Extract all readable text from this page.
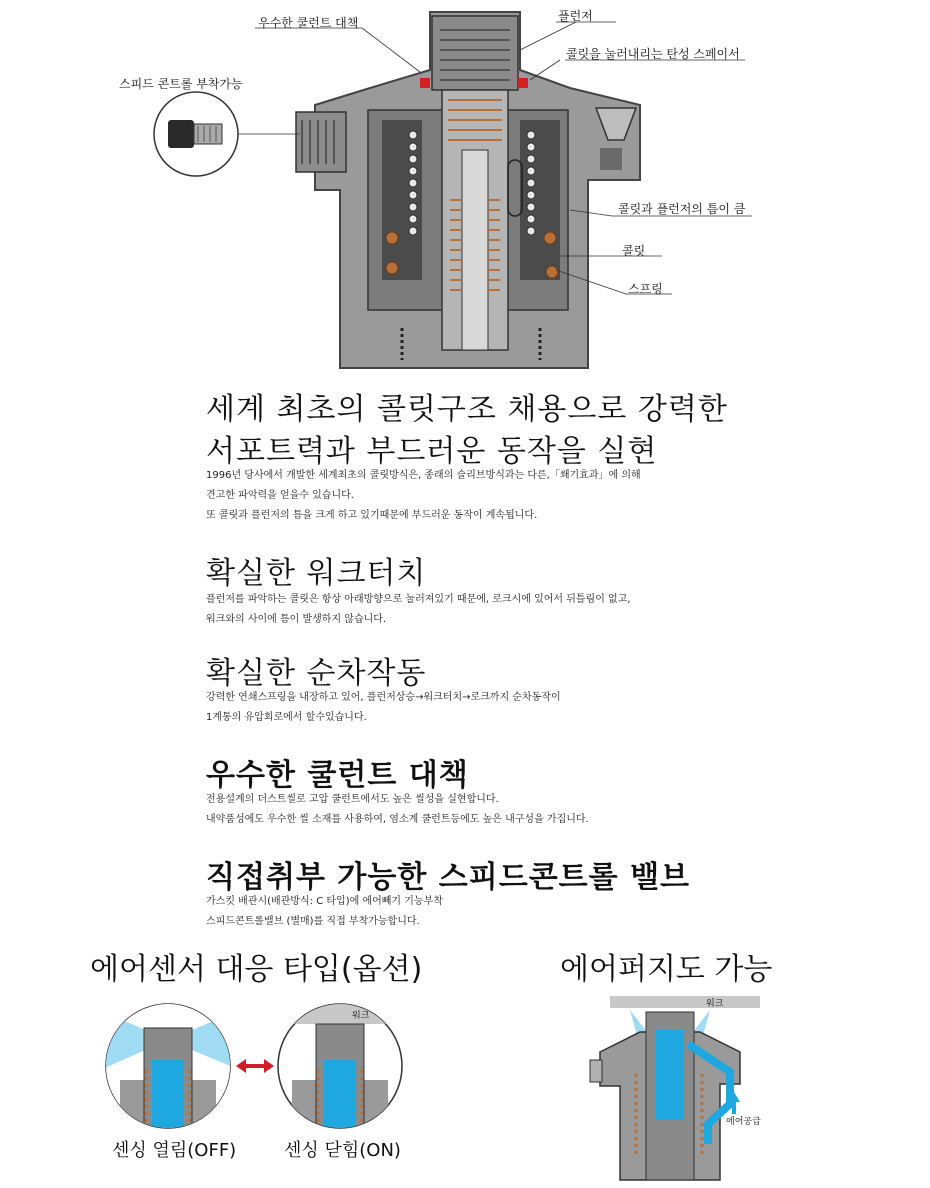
우수한 쿨런트 대책	플런저
콜릿을 눌러내리는 탄성 스페이서
스피드 콘트롤 부착가능
콜릿과 플런저의 틈이 큼
콜릿
스프링
세계 최초의 콜릿구조 채용으로 강력한
서포트력과 부드러운 동작을 실현
1996년 당사에서 개발한 세계최초의 콜릿방식은, 종래의 슬리브방식과는 다른,「쐐기효과」에 의해
견고한 파악력을 얻을수 있습니다.
또 콜릿과 플런저의 틈을 크게 하고 있기때문에 부드러운 동작이 계속됩니다.
확실한 워크터치
플런저를 파악하는 콜릿은 항상 아래방향으로 눌러져있기 때문에, 로크시에 있어서 뒤틀림이 없고,
워크와의 사이에 틈이 발생하지 않습니다.
확실한 순차작동
강력한 연쇄스프링을 내장하고 있어, 플런저상승→워크터치→로크까지 순차동작이
1계통의 유압회로에서 할수있습니다.
우수한 쿨런트 대책
전용설계의 더스트씰로 고압 쿨런트에서도 높은 씰성을 실현합니다.
내약품성에도 우수한 씰 소재를 사용하여, 염소계 쿨런트등에도 높은 내구성을 가집니다.
직접취부 가능한 스피드콘트롤 밸브
가스킷 배관시(배관방식: C 타입)에 에어빼기 기능부착
스피드콘트롤밸브 (별매)를 직접 부착가능합니다.
에어센서 대응 타입(옵션)	에어퍼지도 가능
워크
센싱 열림(OFF)	센싱 닫힘(ON)
워크
에어공급
